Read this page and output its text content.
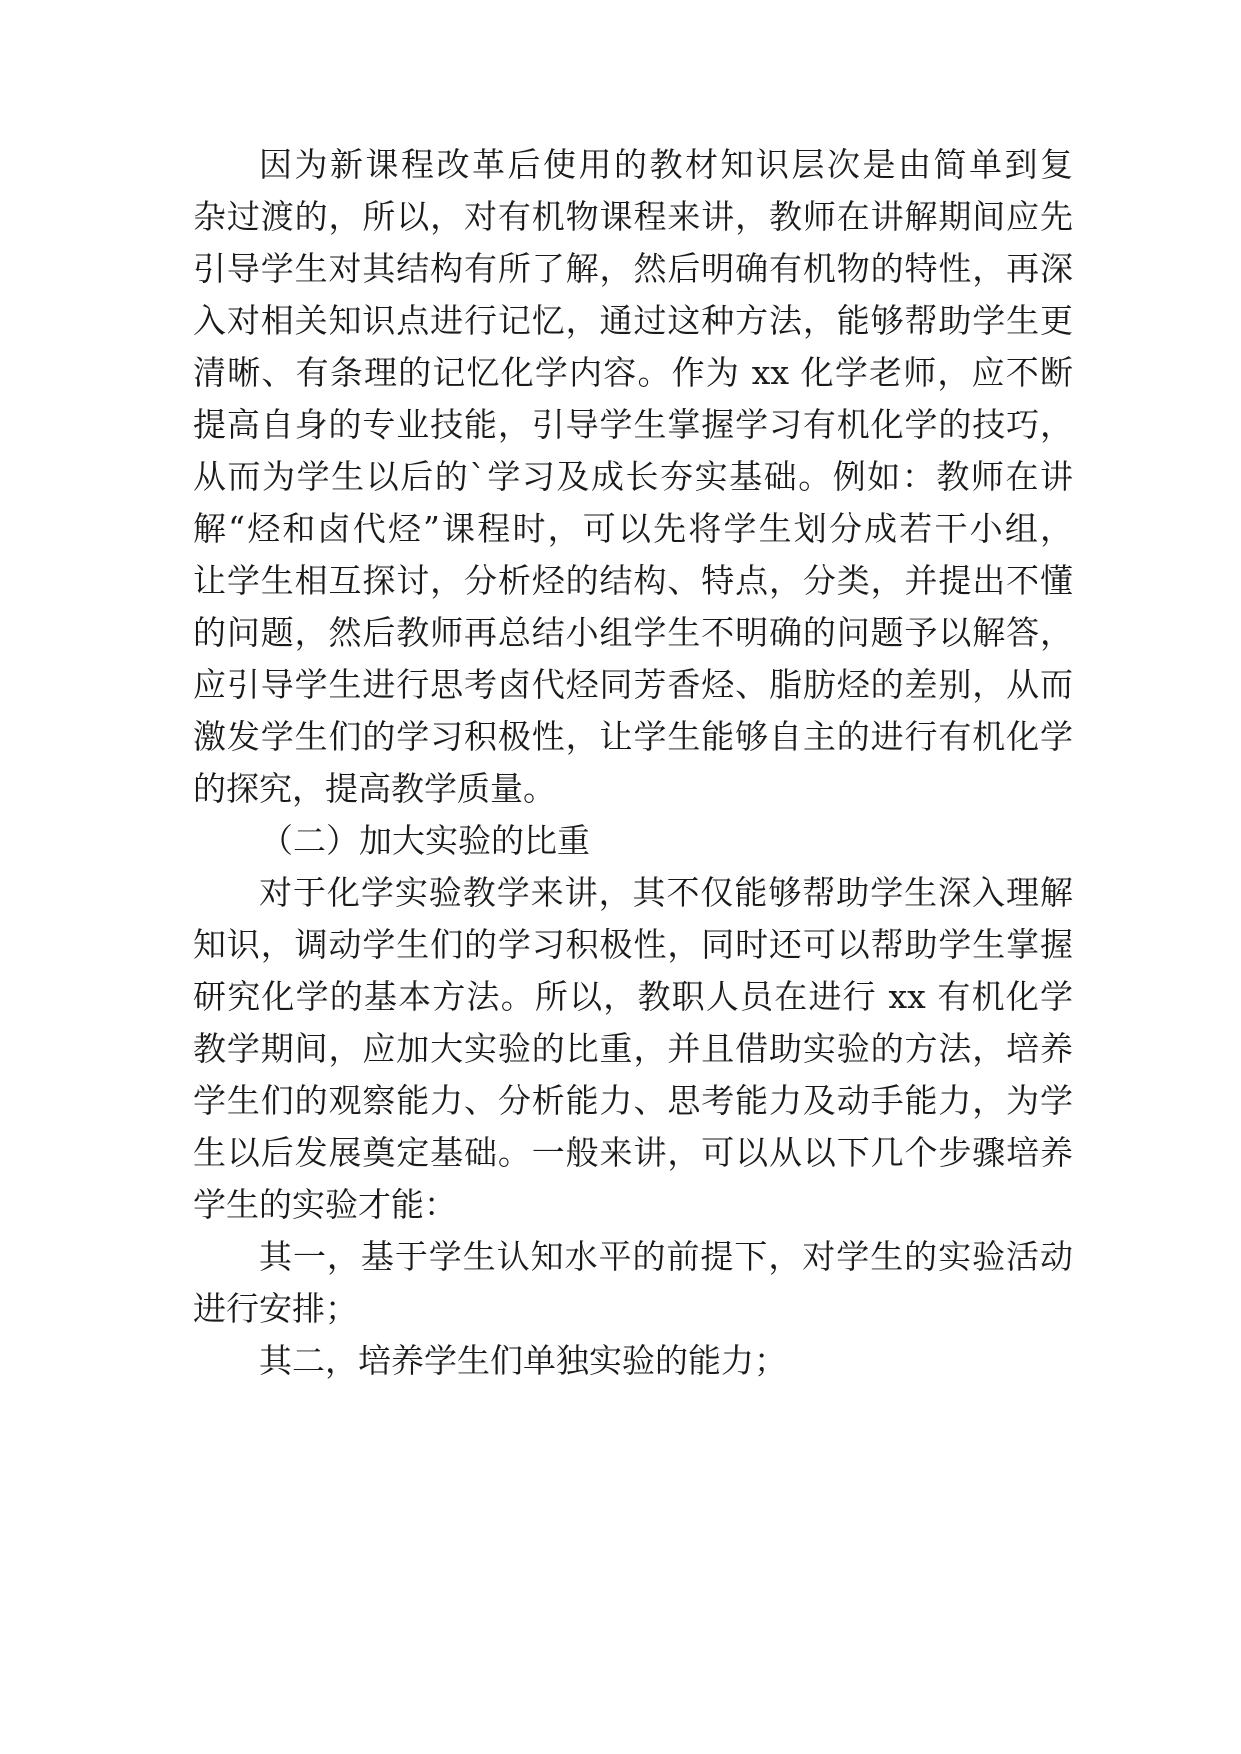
因为新课程改革后使用的教材知识层次是由简单到复
杂过渡的，所以，对有机物课程来讲，教师在讲解期间应先
引导学生对其结构有所了解，然后明确有机物的特性，再深
入对相关知识点进行记忆，通过这种方法，能够帮助学生更
清晰、有条理的记忆化学内容。作为 xx 化学老师，应不断
提高自身的专业技能，引导学生掌握学习有机化学的技巧，
从而为学生以后的`学习及成长夯实基础。例如：教师在讲
解“烃和卤代烃”课程时，可以先将学生划分成若干小组，
让学生相互探讨，分析烃的结构、特点，分类，并提出不懂
的问题，然后教师再总结小组学生不明确的问题予以解答，
应引导学生进行思考卤代烃同芳香烃、脂肪烃的差别，从而
激发学生们的学习积极性，让学生能够自主的进行有机化学
的探究，提高教学质量。
（二）加大实验的比重
对于化学实验教学来讲，其不仅能够帮助学生深入理解
知识，调动学生们的学习积极性，同时还可以帮助学生掌握
研究化学的基本方法。所以，教职人员在进行 xx 有机化学
教学期间，应加大实验的比重，并且借助实验的方法，培养
学生们的观察能力、分析能力、思考能力及动手能力，为学
生以后发展奠定基础。一般来讲，可以从以下几个步骤培养
学生的实验才能：
其一，基于学生认知水平的前提下，对学生的实验活动
进行安排；
其二，培养学生们单独实验的能力；
